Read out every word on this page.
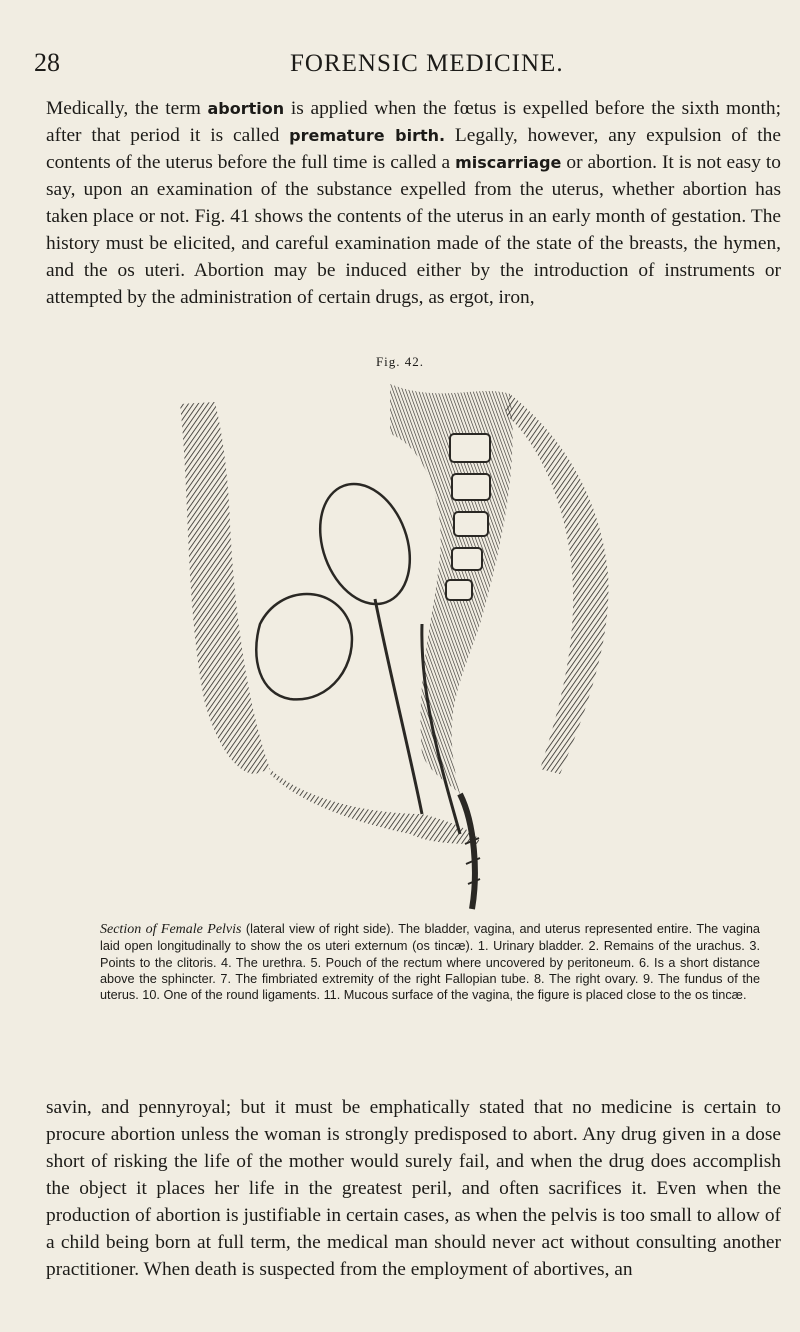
28	FORENSIC MEDICINE.

Medically, the term abortion is applied when the fœtus is expelled before the sixth month; after that period it is called premature birth. Legally, however, any expulsion of the contents of the uterus before the full time is called a miscarriage or abortion. It is not easy to say, upon an examination of the substance expelled from the uterus, whether abortion has taken place or not. Fig. 41 shows the contents of the uterus in an early month of gestation. The history must be elicited, and careful examination made of the state of the breasts, the hymen, and the os uteri. Abortion may be induced either by the introduction of instruments or attempted by the administration of certain drugs, as ergot, iron,

Fig. 42.

Section of Female Pelvis (lateral view of right side). The bladder, vagina, and uterus represented entire. The vagina laid open longitudinally to show the os uteri externum (os tincæ). 1. Urinary bladder. 2. Remains of the urachus. 3. Points to the clitoris. 4. The urethra. 5. Pouch of the rectum where uncovered by peritoneum. 6. Is a short distance above the sphincter. 7. The fimbriated extremity of the right Fallopian tube. 8. The right ovary. 9. The fundus of the uterus. 10. One of the round ligaments. 11. Mucous surface of the vagina, the figure is placed close to the os tincæ.

savin, and pennyroyal; but it must be emphatically stated that no medicine is certain to procure abortion unless the woman is strongly predisposed to abort. Any drug given in a dose short of risking the life of the mother would surely fail, and when the drug does accomplish the object it places her life in the greatest peril, and often sacrifices it. Even when the production of abortion is justifiable in certain cases, as when the pelvis is too small to allow of a child being born at full term, the medical man should never act without consulting another practitioner. When death is suspected from the employment of abortives, an
